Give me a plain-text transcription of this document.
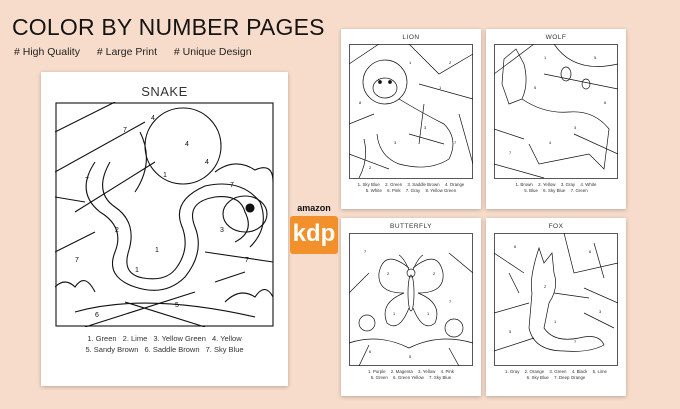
COLOR BY NUMBER PAGES
# High Quality # Large Print # Unique Design
SNAKE
4
4
4
7
1
7
7
2
1
3
7	7
5
6
1
1. Green 2. Lime 3. Yellow Green 4. Yellow
5. Sandy Brown 6. Saddle Brown 7. Sky Blue
amazon
kdp
LION
1
1
2
3
3
8
7
2
1. Sky Blue 2. Green 3. Saddle Brown 4. Orange
5. White 6. Pink 7. Gray 8. Yellow Green
WOLF
1	5
5
3
4
7
6
1. Brown 2. Yellow 3. Gray 4. White
5. Blue 6. Sky Blue 7. Green
BUTTERFLY
2	2
1	1
7
7
5
6
1. Purple 2. Magenta 3. Yellow 4. Pink
5. Green 6. Green Yellow 7. Sky Blue
FOX
6
6
2
7
5
3
1
1. Gray 2. Orange 3. Green 4. Black 5. Lime
6. Sky Blue 7. Deep Orange
